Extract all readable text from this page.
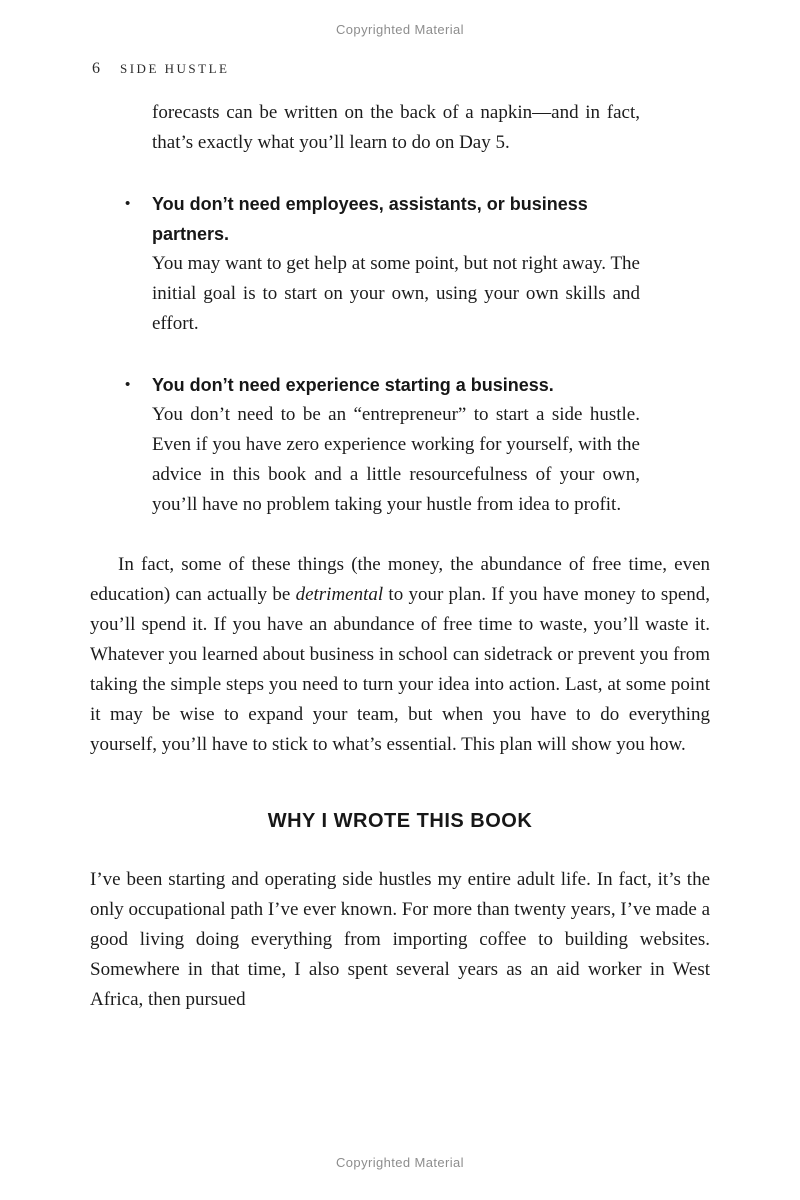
Copyrighted Material
6 SIDE HUSTLE

forecasts can be written on the back of a napkin—and in fact, that’s exactly what you’ll learn to do on Day 5.

•	You don’t need employees, assistants, or business partners.

You may want to get help at some point, but not right away. The initial goal is to start on your own, using your own skills and effort.

•	You don’t need experience starting a business.

You don’t need to be an “entrepreneur” to start a side hustle. Even if you have zero experience working for yourself, with the advice in this book and a little resourcefulness of your own, you’ll have no problem taking your hustle from idea to profit.

In fact, some of these things (the money, the abundance of free time, even education) can actually be detrimental to your plan. If you have money to spend, you’ll spend it. If you have an abundance of free time to waste, you’ll waste it. Whatever you learned about business in school can sidetrack or prevent you from taking the simple steps you need to turn your idea into action. Last, at some point it may be wise to expand your team, but when you have to do everything yourself, you’ll have to stick to what’s essential. This plan will show you how.

WHY I WROTE THIS BOOK

I’ve been starting and operating side hustles my entire adult life. In fact, it’s the only occupational path I’ve ever known. For more than twenty years, I’ve made a good living doing everything from importing coffee to building websites. Somewhere in that time, I also spent several years as an aid worker in West Africa, then pursued

Copyrighted Material
